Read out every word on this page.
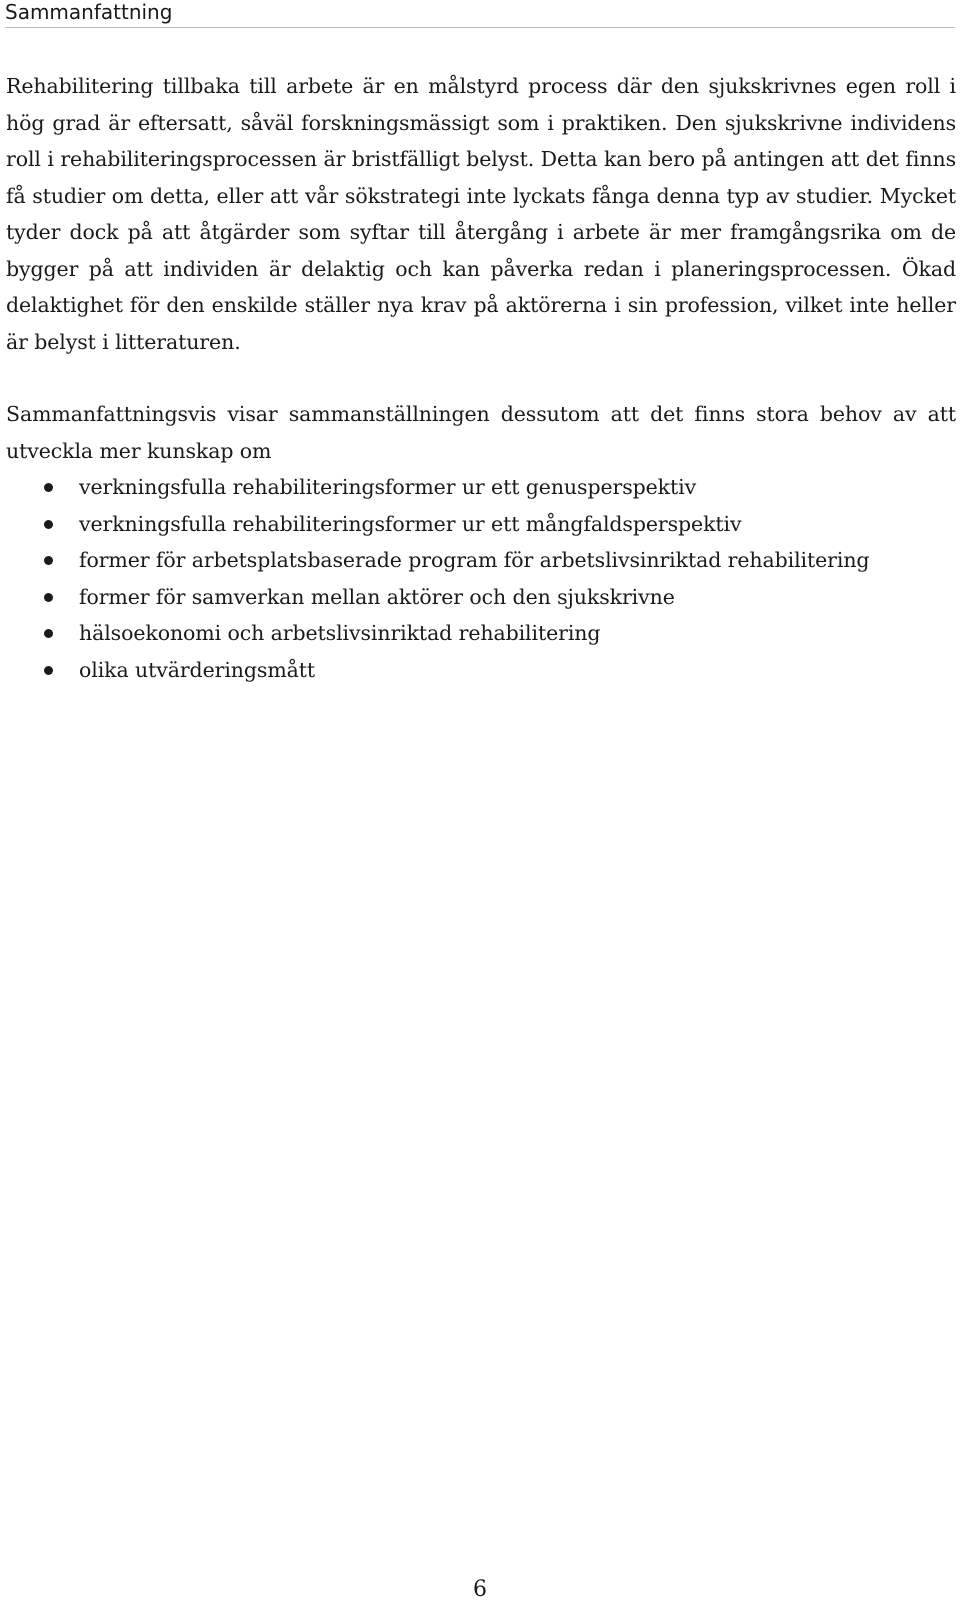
Sammanfattning

Rehabilitering tillbaka till arbete är en målstyrd process där den sjukskrivnes egen roll i hög grad är eftersatt, såväl forskningsmässigt som i praktiken. Den sjukskrivne individens roll i rehabiliteringsprocessen är bristfälligt belyst. Detta kan bero på antingen att det finns få studier om detta, eller att vår sökstrategi inte lyckats fånga denna typ av studier. Mycket tyder dock på att åtgärder som syftar till återgång i arbete är mer framgångsrika om de bygger på att individen är delaktig och kan påverka redan i planeringsprocessen. Ökad delaktighet för den enskilde ställer nya krav på aktörerna i sin profession, vilket inte heller är belyst i litteraturen.

Sammanfattningsvis visar sammanställningen dessutom att det finns stora behov av att utveckla mer kunskap om

verkningsfulla rehabiliteringsformer ur ett genusperspektiv
verkningsfulla rehabiliteringsformer ur ett mångfaldsperspektiv
former för arbetsplatsbaserade program för arbetslivsinriktad rehabilitering
former för samverkan mellan aktörer och den sjukskrivne
hälsoekonomi och arbetslivsinriktad rehabilitering
olika utvärderingsmått
6
